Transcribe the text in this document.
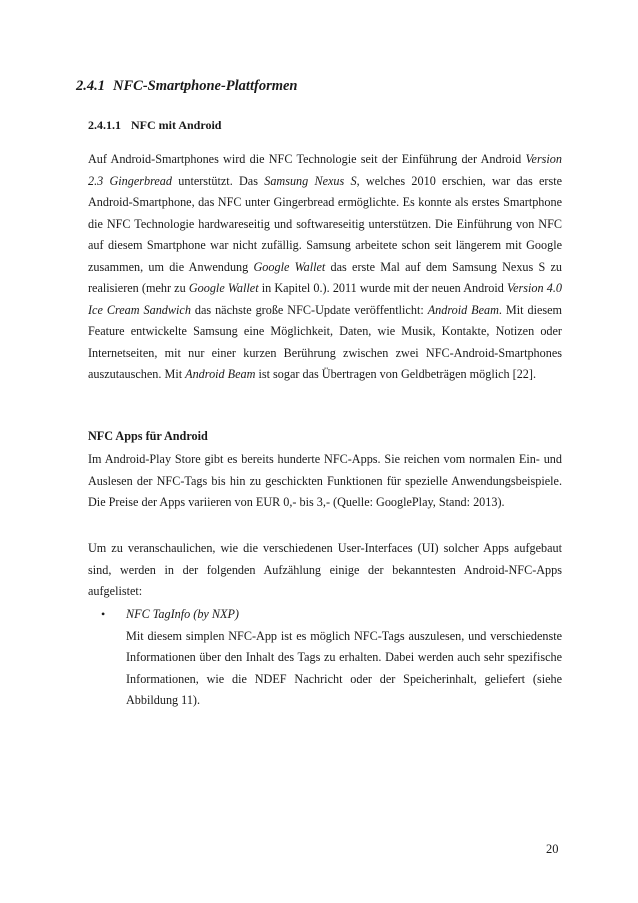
2.4.1 NFC-Smartphone-Plattformen
2.4.1.1 NFC mit Android

Auf Android-Smartphones wird die NFC Technologie seit der Einführung der Android Version 2.3 Gingerbread unterstützt. Das Samsung Nexus S, welches 2010 erschien, war das erste Android-Smartphone, das NFC unter Gingerbread ermöglichte. Es konnte als erstes Smartphone die NFC Technologie hardwareseitig und softwareseitig unterstützen. Die Einführung von NFC auf diesem Smartphone war nicht zufällig. Samsung arbeitete schon seit längerem mit Google zusammen, um die Anwendung Google Wallet das erste Mal auf dem Samsung Nexus S zu realisieren (mehr zu Google Wallet in Kapitel 0.). 2011 wurde mit der neuen Android Version 4.0 Ice Cream Sandwich das nächste große NFC-Update veröffentlicht: Android Beam. Mit diesem Feature entwickelte Samsung eine Möglichkeit, Daten, wie Musik, Kontakte, Notizen oder Internetseiten, mit nur einer kurzen Berührung zwischen zwei NFC-Android-Smartphones auszutauschen. Mit Android Beam ist sogar das Übertragen von Geldbeträgen möglich [22].

NFC Apps für Android

Im Android-Play Store gibt es bereits hunderte NFC-Apps. Sie reichen vom normalen Ein- und Auslesen der NFC-Tags bis hin zu geschickten Funktionen für spezielle Anwendungsbeispiele. Die Preise der Apps variieren von EUR 0,- bis 3,- (Quelle: GooglePlay, Stand: 2013).

Um zu veranschaulichen, wie die verschiedenen User-Interfaces (UI) solcher Apps aufgebaut sind, werden in der folgenden Aufzählung einige der bekanntesten Android-NFC-Apps aufgelistet:

• NFC TagInfo (by NXP)
Mit diesem simplen NFC-App ist es möglich NFC-Tags auszulesen, und verschiedenste Informationen über den Inhalt des Tags zu erhalten. Dabei werden auch sehr spezifische Informationen, wie die NDEF Nachricht oder der Speicherinhalt, geliefert (siehe Abbildung 11).
20
